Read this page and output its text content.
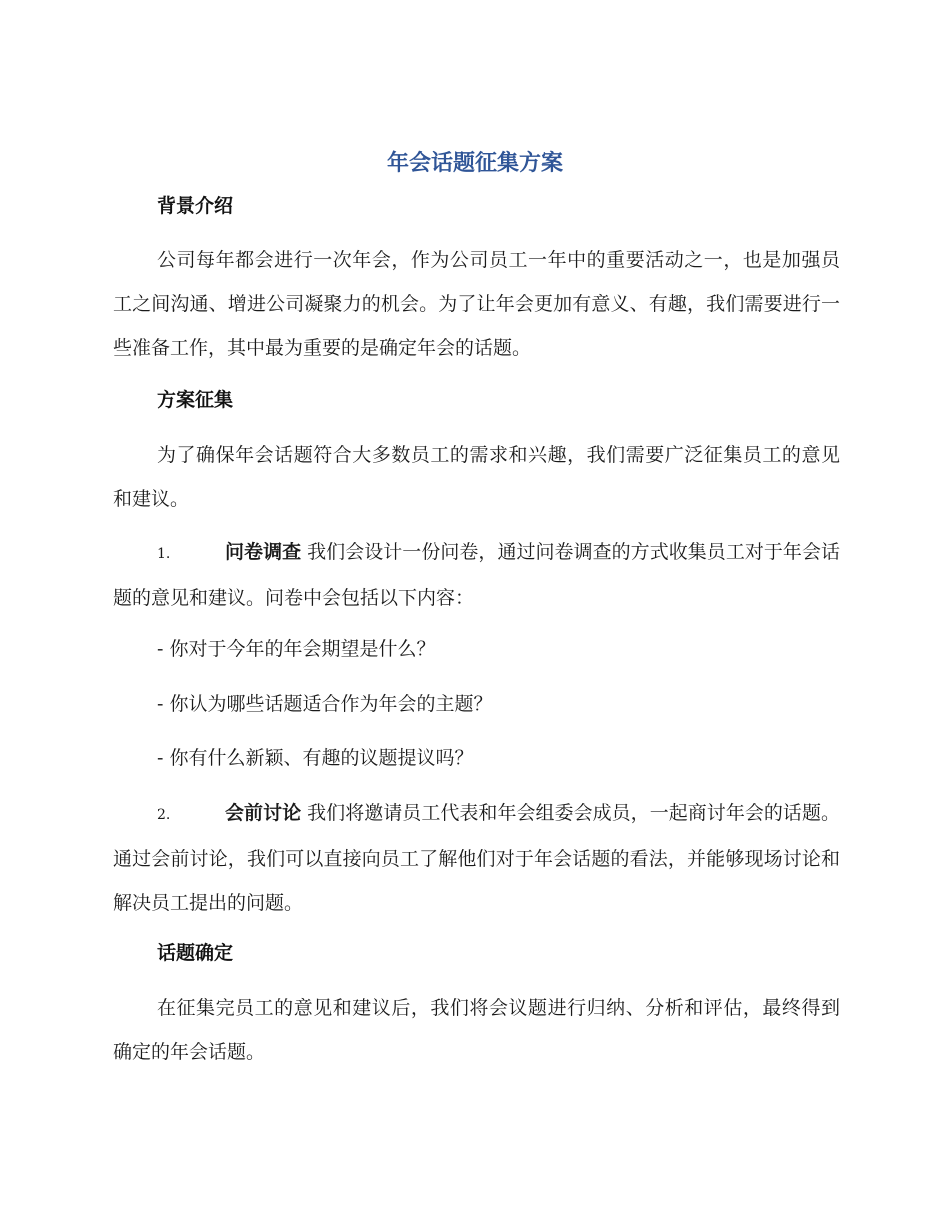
年会话题征集方案
背景介绍

公司每年都会进行一次年会，作为公司员工一年中的重要活动之一，也是加强员工之间沟通、增进公司凝聚力的机会。为了让年会更加有意义、有趣，我们需要进行一些准备工作，其中最为重要的是确定年会的话题。

方案征集

为了确保年会话题符合大多数员工的需求和兴趣，我们需要广泛征集员工的意见和建议。

1.	问卷调查 我们会设计一份问卷，通过问卷调查的方式收集员工对于年会话题的意见和建议。问卷中会包括以下内容：

- 你对于今年的年会期望是什么？

- 你认为哪些话题适合作为年会的主题？

- 你有什么新颖、有趣的议题提议吗？

2.	会前讨论 我们将邀请员工代表和年会组委会成员，一起商讨年会的话题。通过会前讨论，我们可以直接向员工了解他们对于年会话题的看法，并能够现场讨论和解决员工提出的问题。

话题确定

在征集完员工的意见和建议后，我们将会议题进行归纳、分析和评估，最终得到确定的年会话题。
